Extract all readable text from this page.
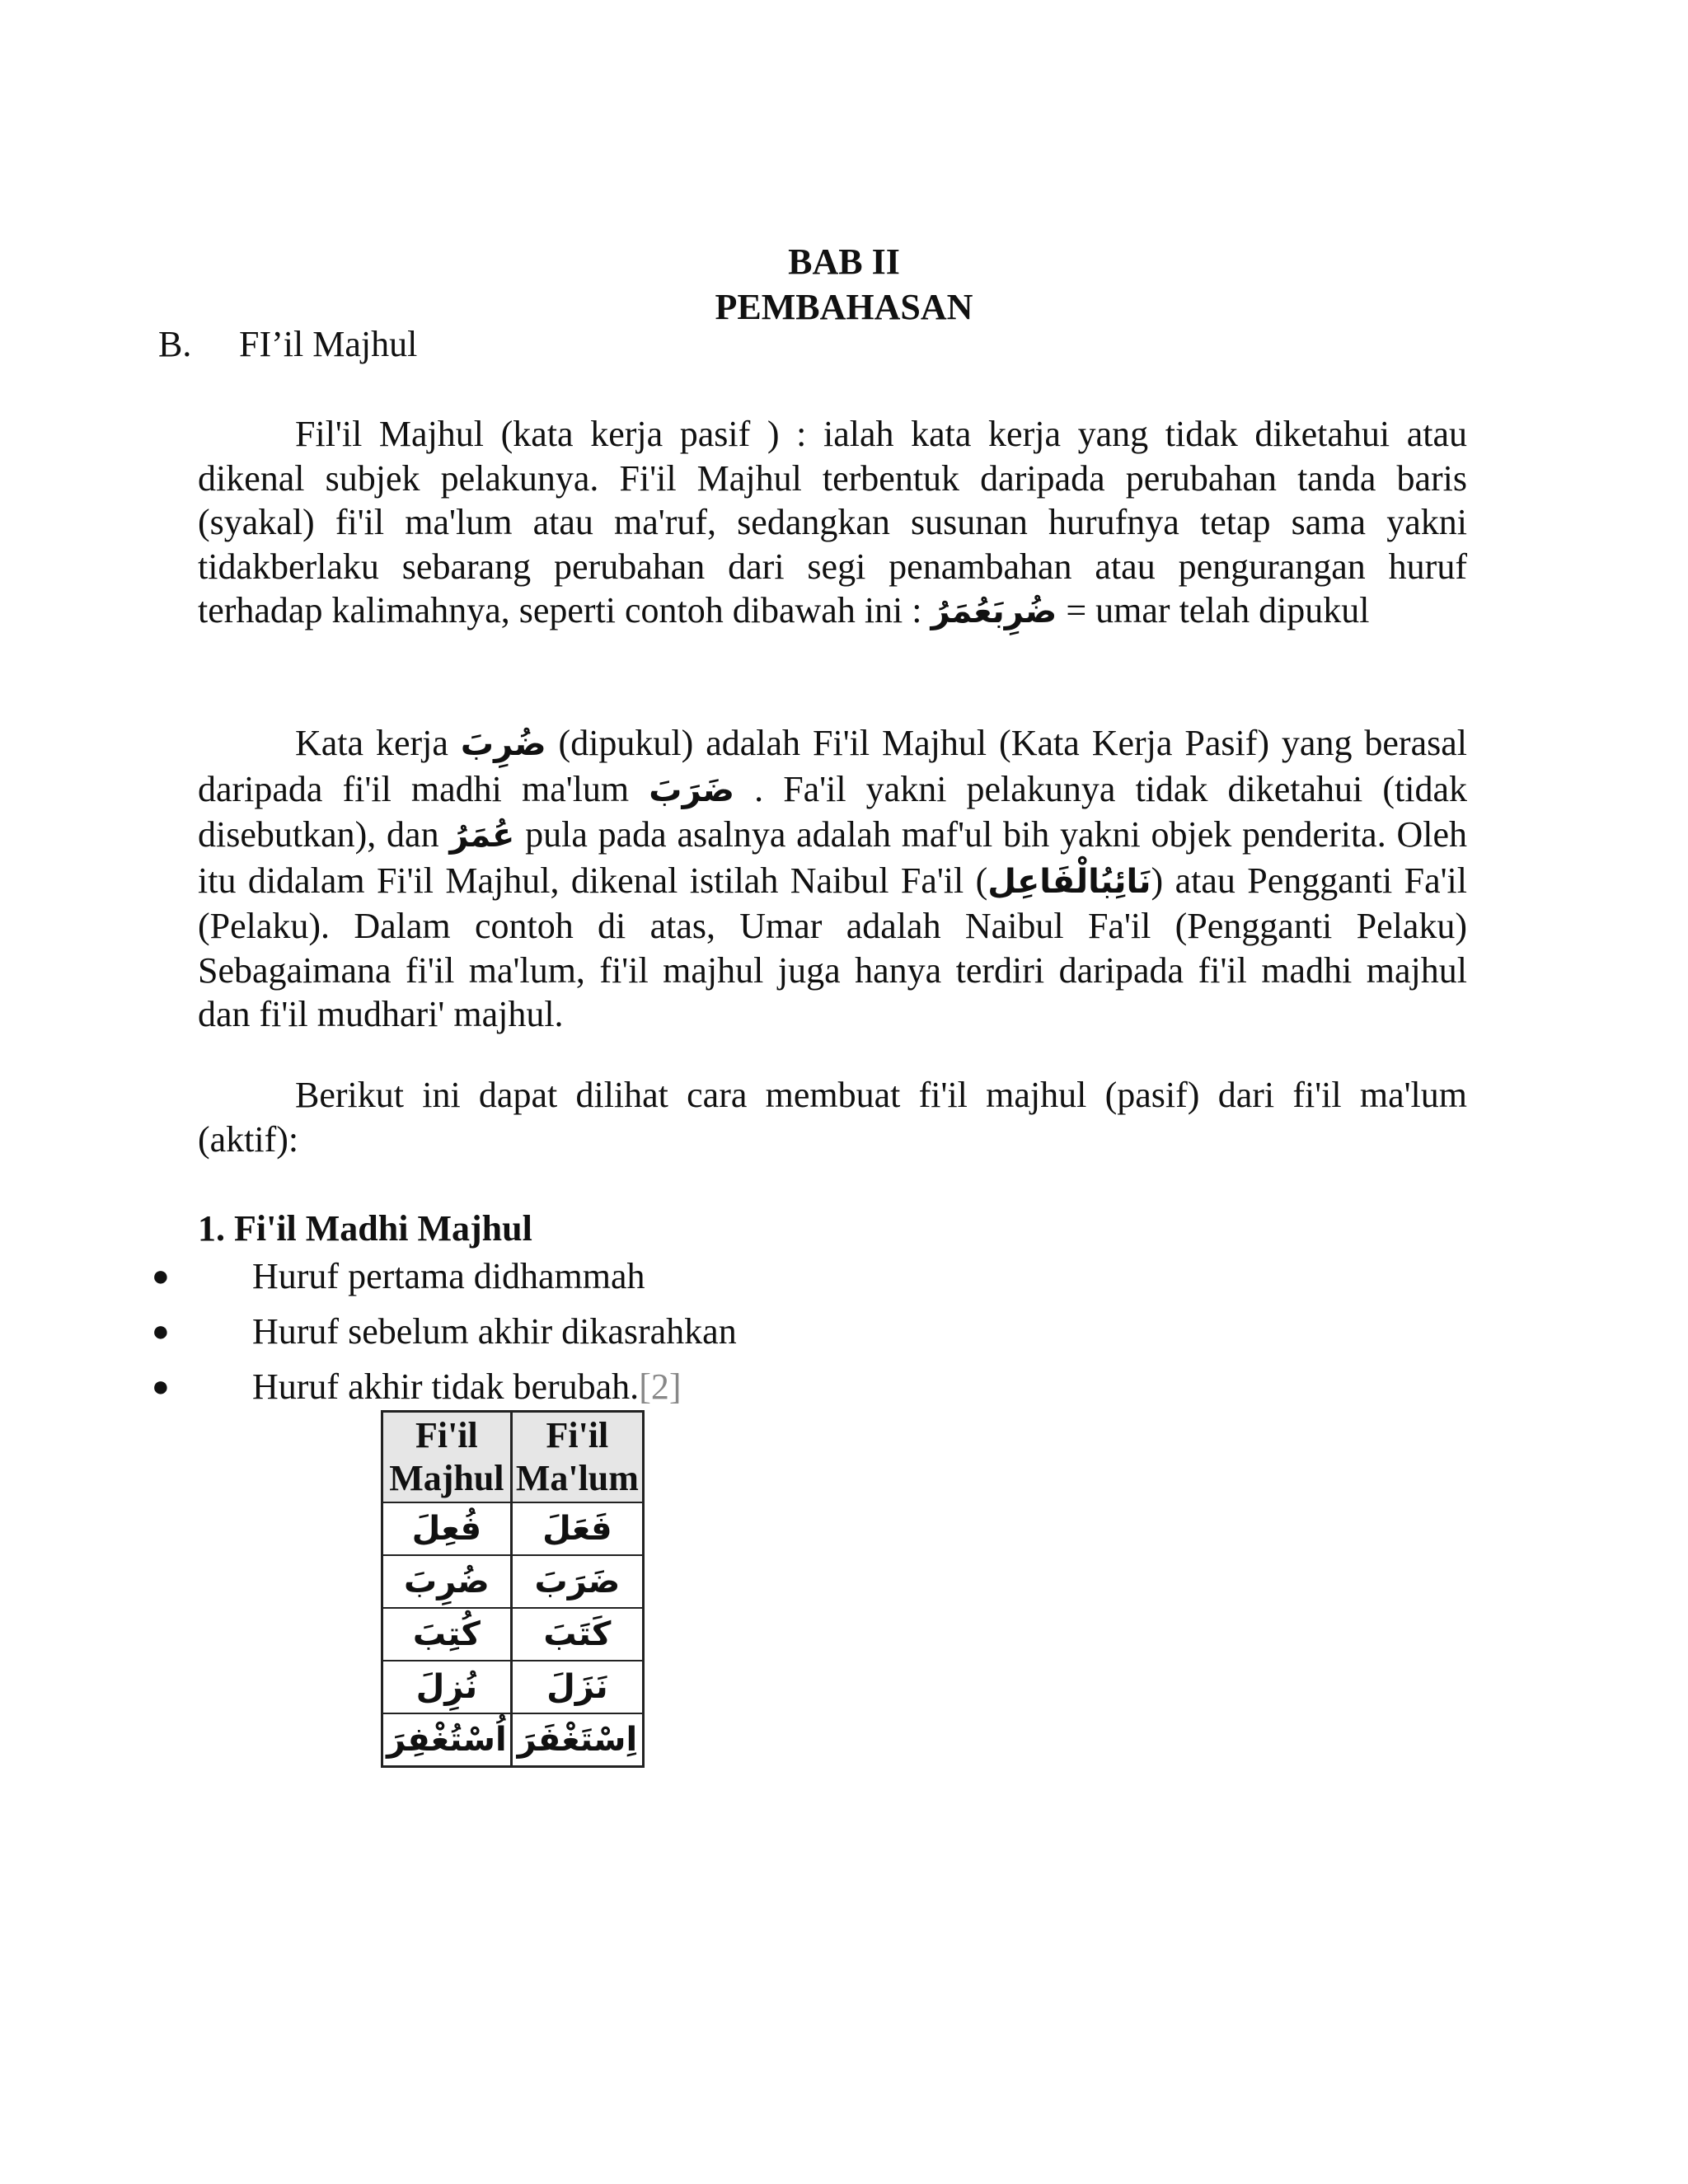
BAB II
PEMBAHASAN
B. FI’il Majhul

Fil'il Majhul (kata kerja pasif ) : ialah kata kerja yang tidak diketahui atau dikenal subjek pelakunya. Fi'il Majhul terbentuk daripada perubahan tanda baris (syakal) fi'il ma'lum atau ma'ruf, sedangkan susunan hurufnya tetap sama yakni tidakberlaku sebarang perubahan dari segi penambahan atau pengurangan huruf terhadap kalimahnya, seperti contoh dibawah ini : ضُرِبَعُمَرُ = umar telah dipukul

Kata kerja ضُرِبَ (dipukul) adalah Fi'il Majhul (Kata Kerja Pasif) yang berasal daripada fi'il madhi ma'lum ضَرَبَ . Fa'il yakni pelakunya tidak diketahui (tidak disebutkan), dan عُمَرُ pula pada asalnya adalah maf'ul bih yakni objek penderita. Oleh itu didalam Fi'il Majhul, dikenal istilah Naibul Fa'il (نَائِبُالْفَاعِل) atau Pengganti Fa'il (Pelaku). Dalam contoh di atas, Umar adalah Naibul Fa'il (Pengganti Pelaku) Sebagaimana fi'il ma'lum, fi'il majhul juga hanya terdiri daripada fi'il madhi majhul dan fi'il mudhari' majhul.

Berikut ini dapat dilihat cara membuat fi'il majhul (pasif) dari fi'il ma'lum (aktif):

1. Fi'il Madhi Majhul
● Huruf pertama didhammah
● Huruf sebelum akhir dikasrahkan
● Huruf akhir tidak berubah.[2]
Fi'il Majhul	Fi'il Ma'lum
فُعِلَ	فَعَلَ
ضُرِبَ	ضَرَبَ
كُتِبَ	كَتَبَ
نُزِلَ	نَزَلَ
اُسْتُغْفِرَ	اِسْتَغْفَرَ
